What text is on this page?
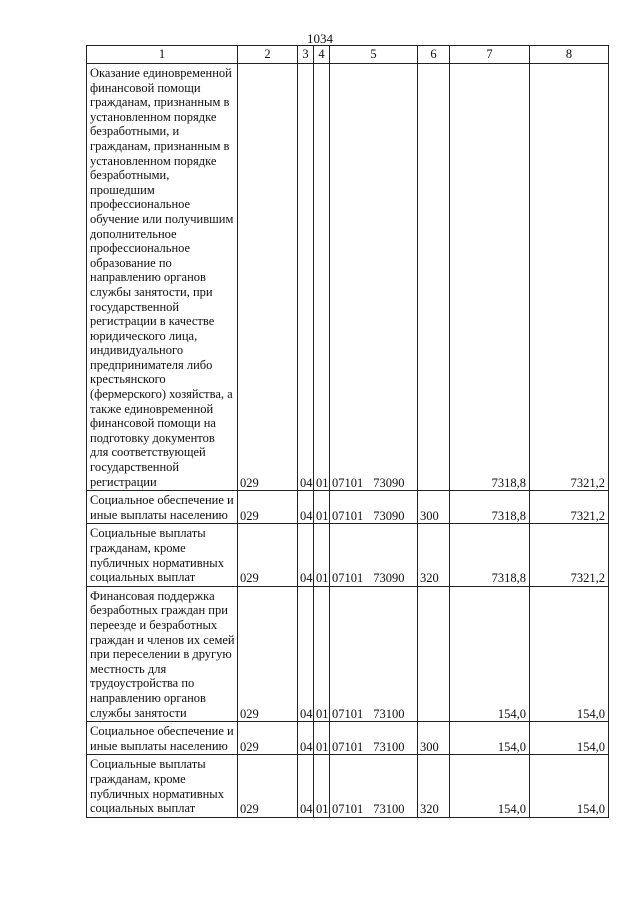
1034
1	2	3	4	5	6	7	8
Оказание единовременной финансовой помощи гражданам, признанным в установленном порядке безработными, и гражданам, признанным в установленном порядке безработными, прошедшим профессиональное обучение или получившим дополнительное профессиональное образование по направлению органов службы занятости, при государственной регистрации в качестве юридического лица, индивидуального предпринимателя либо крестьянского (фермерского) хозяйства, а также единовременной финансовой помощи на подготовку документов для соответствующей государственной регистрации	029	04	01	07101 73090		7318,8	7321,2
Социальное обеспечение и иные выплаты населению	029	04	01	07101 73090	300	7318,8	7321,2
Социальные выплаты гражданам, кроме публичных нормативных социальных выплат	029	04	01	07101 73090	320	7318,8	7321,2
Финансовая поддержка безработных граждан при переезде и безработных граждан и членов их семей при переселении в другую местность для трудоустройства по направлению органов службы занятости	029	04	01	07101 73100		154,0	154,0
Социальное обеспечение и иные выплаты населению	029	04	01	07101 73100	300	154,0	154,0
Социальные выплаты гражданам, кроме публичных нормативных социальных выплат	029	04	01	07101 73100	320	154,0	154,0
